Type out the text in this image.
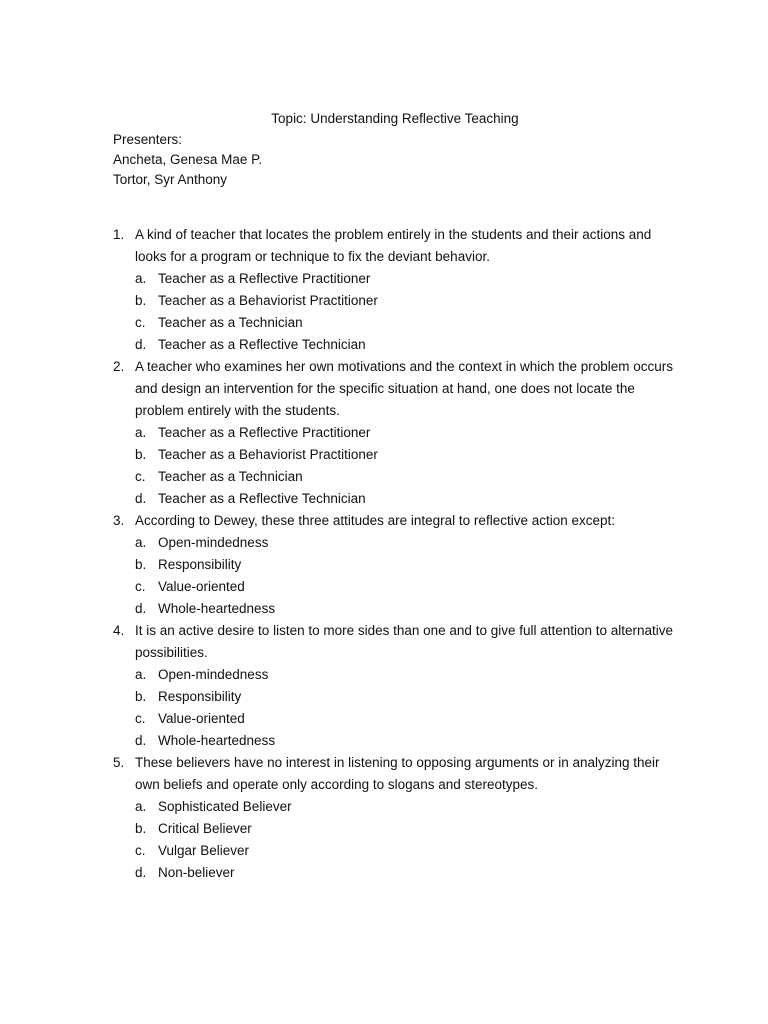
Topic: Understanding Reflective Teaching
Presenters:
Ancheta, Genesa Mae P.
Tortor, Syr Anthony
1. A kind of teacher that locates the problem entirely in the students and their actions and looks for a program or technique to fix the deviant behavior.
a. Teacher as a Reflective Practitioner
b. Teacher as a Behaviorist Practitioner
c. Teacher as a Technician
d. Teacher as a Reflective Technician
2. A teacher who examines her own motivations and the context in which the problem occurs and design an intervention for the specific situation at hand, one does not locate the problem entirely with the students.
a. Teacher as a Reflective Practitioner
b. Teacher as a Behaviorist Practitioner
c. Teacher as a Technician
d. Teacher as a Reflective Technician
3. According to Dewey, these three attitudes are integral to reflective action except:
a. Open-mindedness
b. Responsibility
c. Value-oriented
d. Whole-heartedness
4. It is an active desire to listen to more sides than one and to give full attention to alternative possibilities.
a. Open-mindedness
b. Responsibility
c. Value-oriented
d. Whole-heartedness
5. These believers have no interest in listening to opposing arguments or in analyzing their own beliefs and operate only according to slogans and stereotypes.
a. Sophisticated Believer
b. Critical Believer
c. Vulgar Believer
d. Non-believer
